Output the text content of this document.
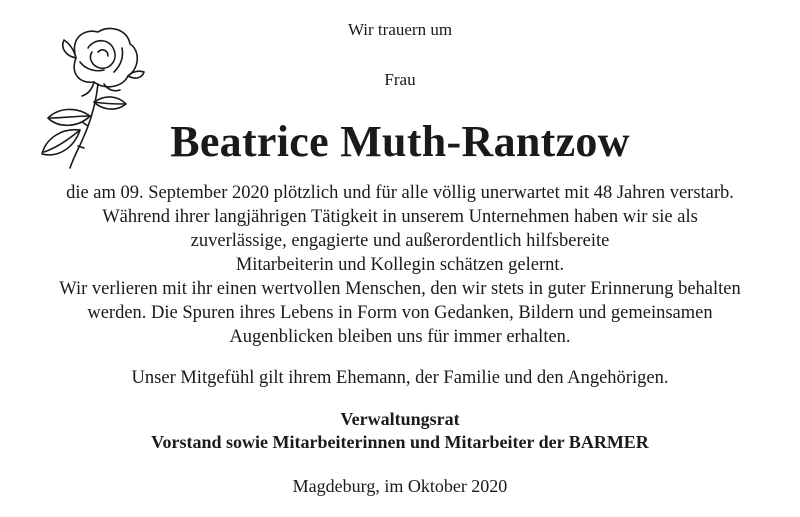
Wir trauern um
Frau
Beatrice Muth-Rantzow
die am 09. September 2020 plötzlich und für alle völlig unerwartet mit 48 Jahren verstarb.
Während ihrer langjährigen Tätigkeit in unserem Unternehmen haben wir sie als
zuverlässige, engagierte und außerordentlich hilfsbereite
Mitarbeiterin und Kollegin schätzen gelernt.
Wir verlieren mit ihr einen wertvollen Menschen, den wir stets in guter Erinnerung behalten
werden. Die Spuren ihres Lebens in Form von Gedanken, Bildern und gemeinsamen
Augenblicken bleiben uns für immer erhalten.
Unser Mitgefühl gilt ihrem Ehemann, der Familie und den Angehörigen.
Verwaltungsrat
Vorstand sowie Mitarbeiterinnen und Mitarbeiter der BARMER
Magdeburg, im Oktober 2020
